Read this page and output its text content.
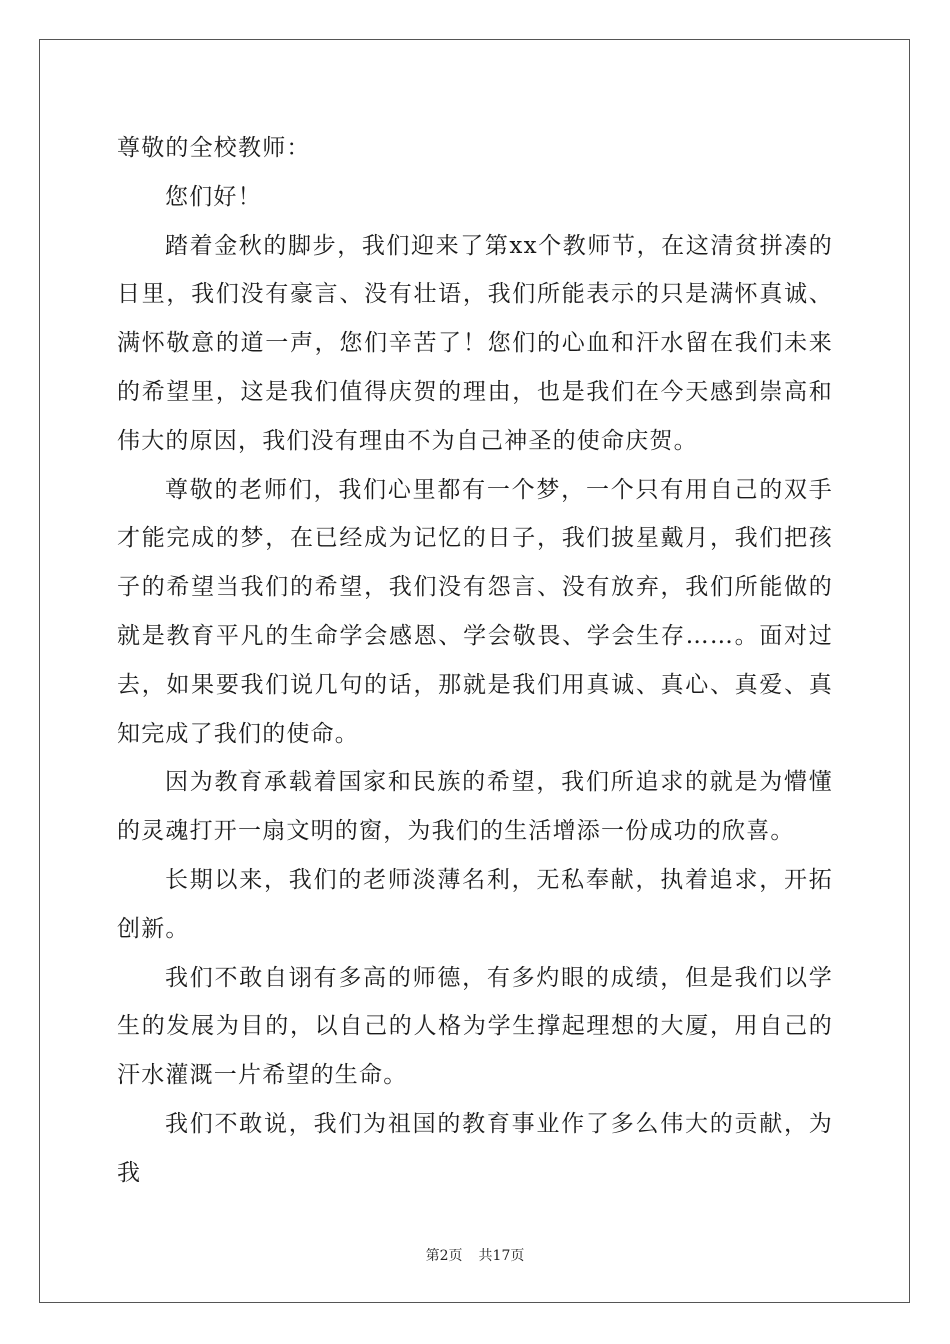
尊敬的全校教师：

您们好！

踏着金秋的脚步，我们迎来了第xx个教师节，在这清贫拼凑的日里，我们没有豪言、没有壮语，我们所能表示的只是满怀真诚、满怀敬意的道一声，您们辛苦了！您们的心血和汗水留在我们未来的希望里，这是我们值得庆贺的理由，也是我们在今天感到崇高和伟大的原因，我们没有理由不为自己神圣的使命庆贺。

尊敬的老师们，我们心里都有一个梦，一个只有用自己的双手才能完成的梦，在已经成为记忆的日子，我们披星戴月，我们把孩子的希望当我们的希望，我们没有怨言、没有放弃，我们所能做的就是教育平凡的生命学会感恩、学会敬畏、学会生存……。面对过去，如果要我们说几句的话，那就是我们用真诚、真心、真爱、真知完成了我们的使命。

因为教育承载着国家和民族的希望，我们所追求的就是为懵懂的灵魂打开一扇文明的窗，为我们的生活增添一份成功的欣喜。

长期以来，我们的老师淡薄名利，无私奉献，执着追求，开拓创新。

我们不敢自诩有多高的师德，有多灼眼的成绩，但是我们以学生的发展为目的，以自己的人格为学生撑起理想的大厦，用自己的汗水灌溉一片希望的生命。

我们不敢说，我们为祖国的教育事业作了多么伟大的贡献，为我

第2页 共17页
